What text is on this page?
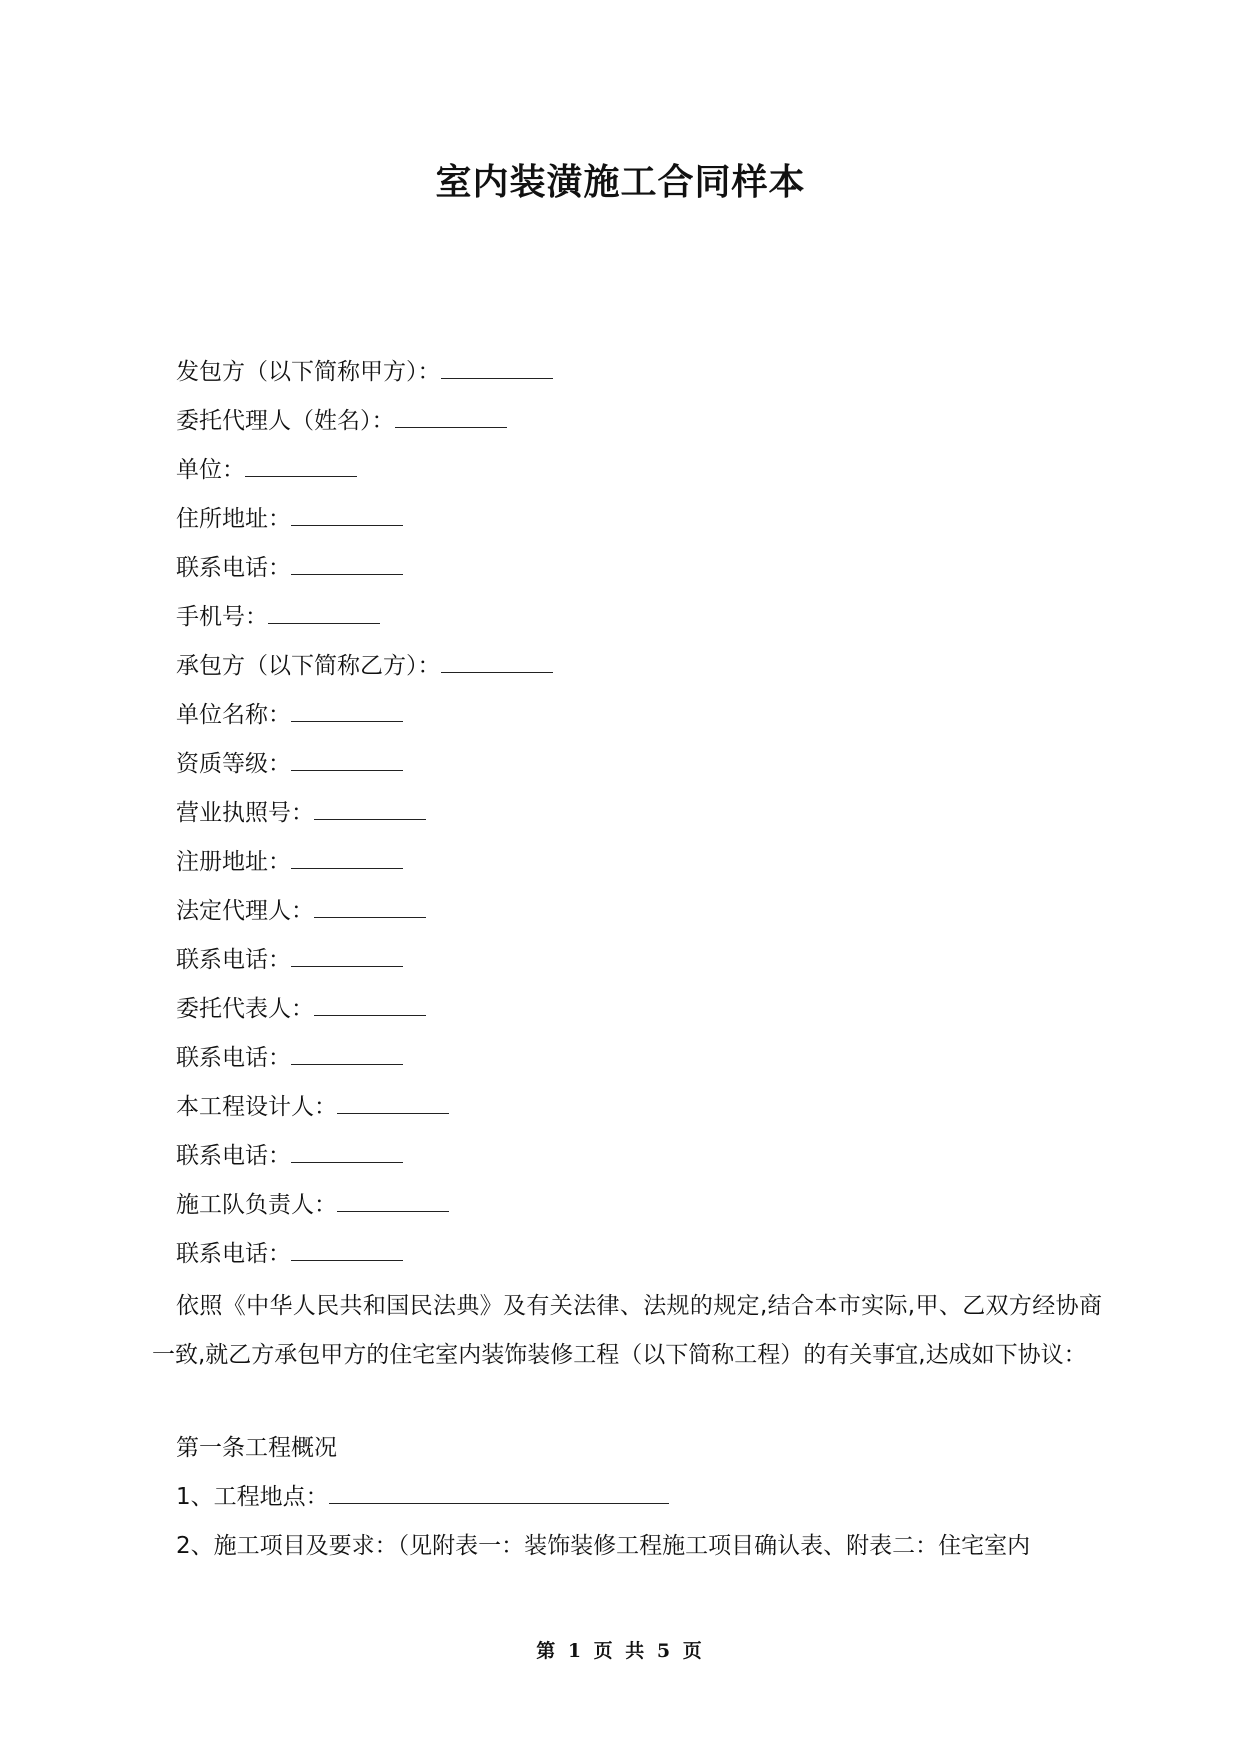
室内装潢施工合同样本
发包方（以下简称甲方）：
委托代理人（姓名）：
单位：
住所地址：
联系电话：
手机号：
承包方（以下简称乙方）：
单位名称：
资质等级：
营业执照号：
注册地址：
法定代理人：
联系电话：
委托代表人：
联系电话：
本工程设计人：
联系电话：
施工队负责人：
联系电话：
依照《中华人民共和国民法典》及有关法律、法规的规定,结合本市实际,甲、乙双方经协商一致,就乙方承包甲方的住宅室内装饰装修工程（以下简称工程）的有关事宜,达成如下协议：
第一条工程概况
1、工程地点：
2、施工项目及要求：（见附表一：装饰装修工程施工项目确认表、附表二：住宅室内
第 1 页 共 5 页
